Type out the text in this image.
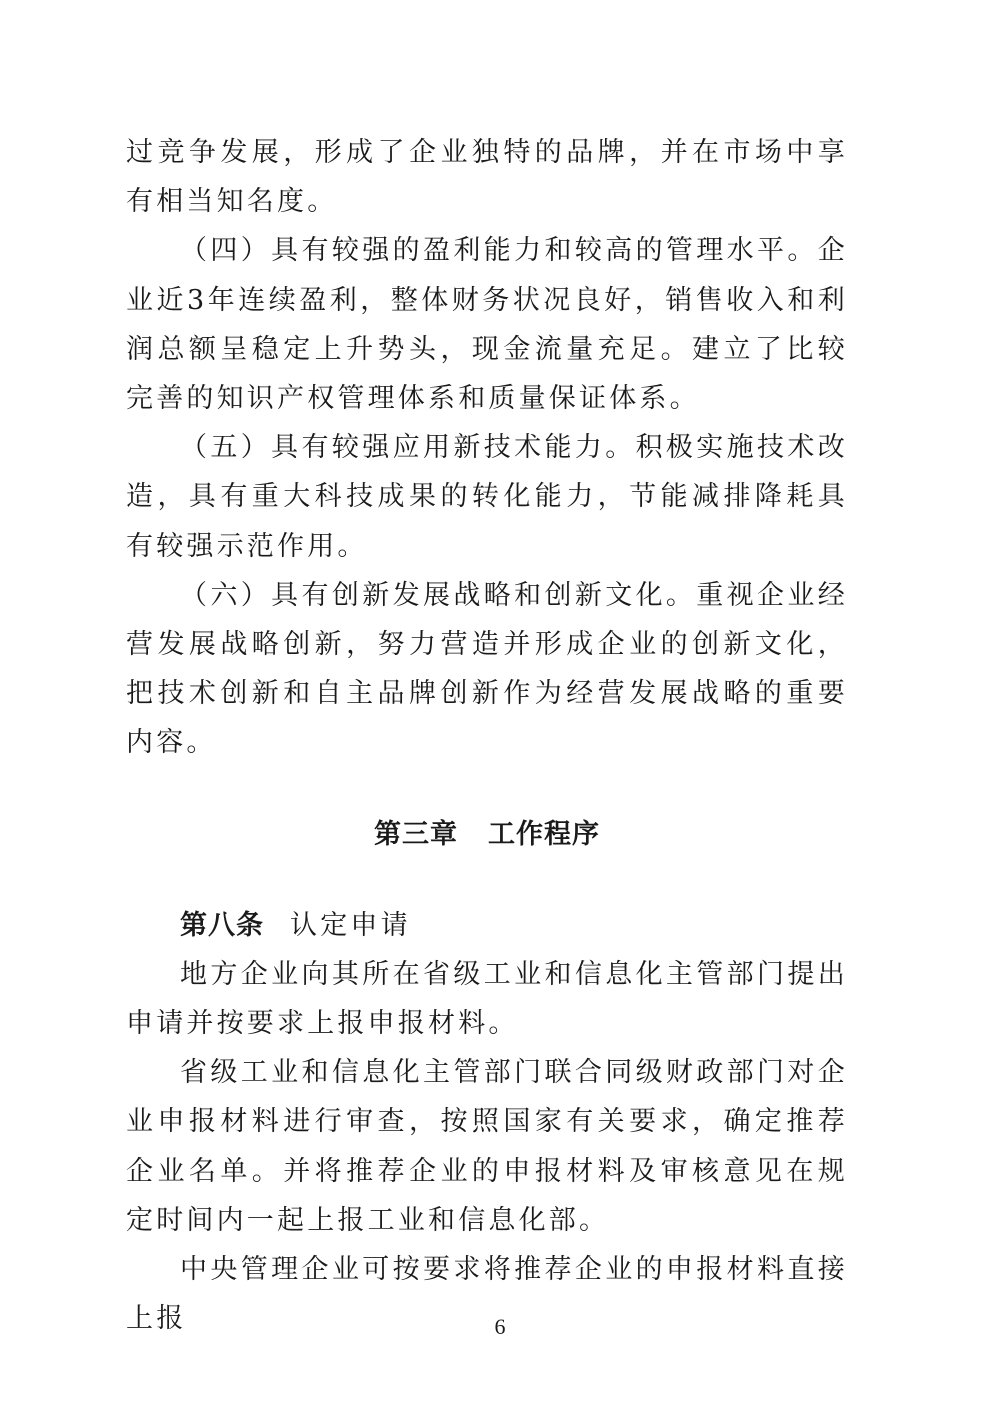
过竞争发展，形成了企业独特的品牌，并在市场中享有相当知名度。

（四）具有较强的盈利能力和较高的管理水平。企业近3年连续盈利，整体财务状况良好，销售收入和利润总额呈稳定上升势头，现金流量充足。建立了比较完善的知识产权管理体系和质量保证体系。

（五）具有较强应用新技术能力。积极实施技术改造，具有重大科技成果的转化能力，节能减排降耗具有较强示范作用。

（六）具有创新发展战略和创新文化。重视企业经营发展战略创新，努力营造并形成企业的创新文化，把技术创新和自主品牌创新作为经营发展战略的重要内容。

第三章 工作程序

第八条 认定申请

地方企业向其所在省级工业和信息化主管部门提出申请并按要求上报申报材料。

省级工业和信息化主管部门联合同级财政部门对企业申报材料进行审查，按照国家有关要求，确定推荐企业名单。并将推荐企业的申报材料及审核意见在规定时间内一起上报工业和信息化部。

中央管理企业可按要求将推荐企业的申报材料直接上报	6
